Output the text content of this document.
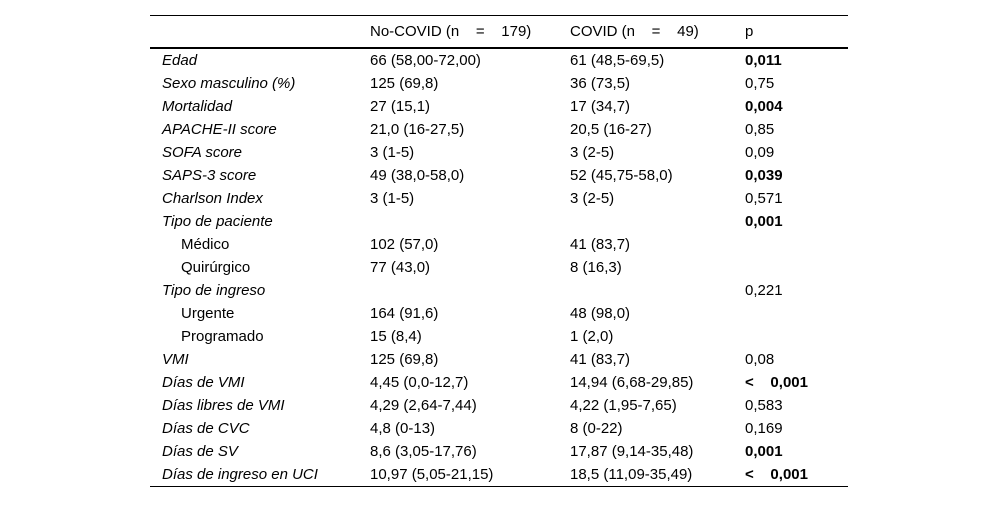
	No-COVID (n    =    179)	COVID (n    =    49)	p
Edad	66 (58,00-72,00)	61 (48,5-69,5)	0,011
Sexo masculino (%)	125 (69,8)	36 (73,5)	0,75
Mortalidad	27 (15,1)	17 (34,7)	0,004
APACHE-II score	21,0 (16-27,5)	20,5 (16-27)	0,85
SOFA score	3 (1-5)	3 (2-5)	0,09
SAPS-3 score	49 (38,0-58,0)	52 (45,75-58,0)	0,039
Charlson Index	3 (1-5)	3 (2-5)	0,571
Tipo de paciente			0,001
Médico	102 (57,0)	41 (83,7)	
Quirúrgico	77 (43,0)	8 (16,3)	
Tipo de ingreso			0,221
Urgente	164 (91,6)	48 (98,0)	
Programado	15 (8,4)	1 (2,0)	
VMI	125 (69,8)	41 (83,7)	0,08
Días de VMI	4,45 (0,0-12,7)	14,94 (6,68-29,85)	<    0,001
Días libres de VMI	4,29 (2,64-7,44)	4,22 (1,95-7,65)	0,583
Días de CVC	4,8 (0-13)	8 (0-22)	0,169
Días de SV	8,6 (3,05-17,76)	17,87 (9,14-35,48)	0,001
Días de ingreso en UCI	10,97 (5,05-21,15)	18,5 (11,09-35,49)	<    0,001
